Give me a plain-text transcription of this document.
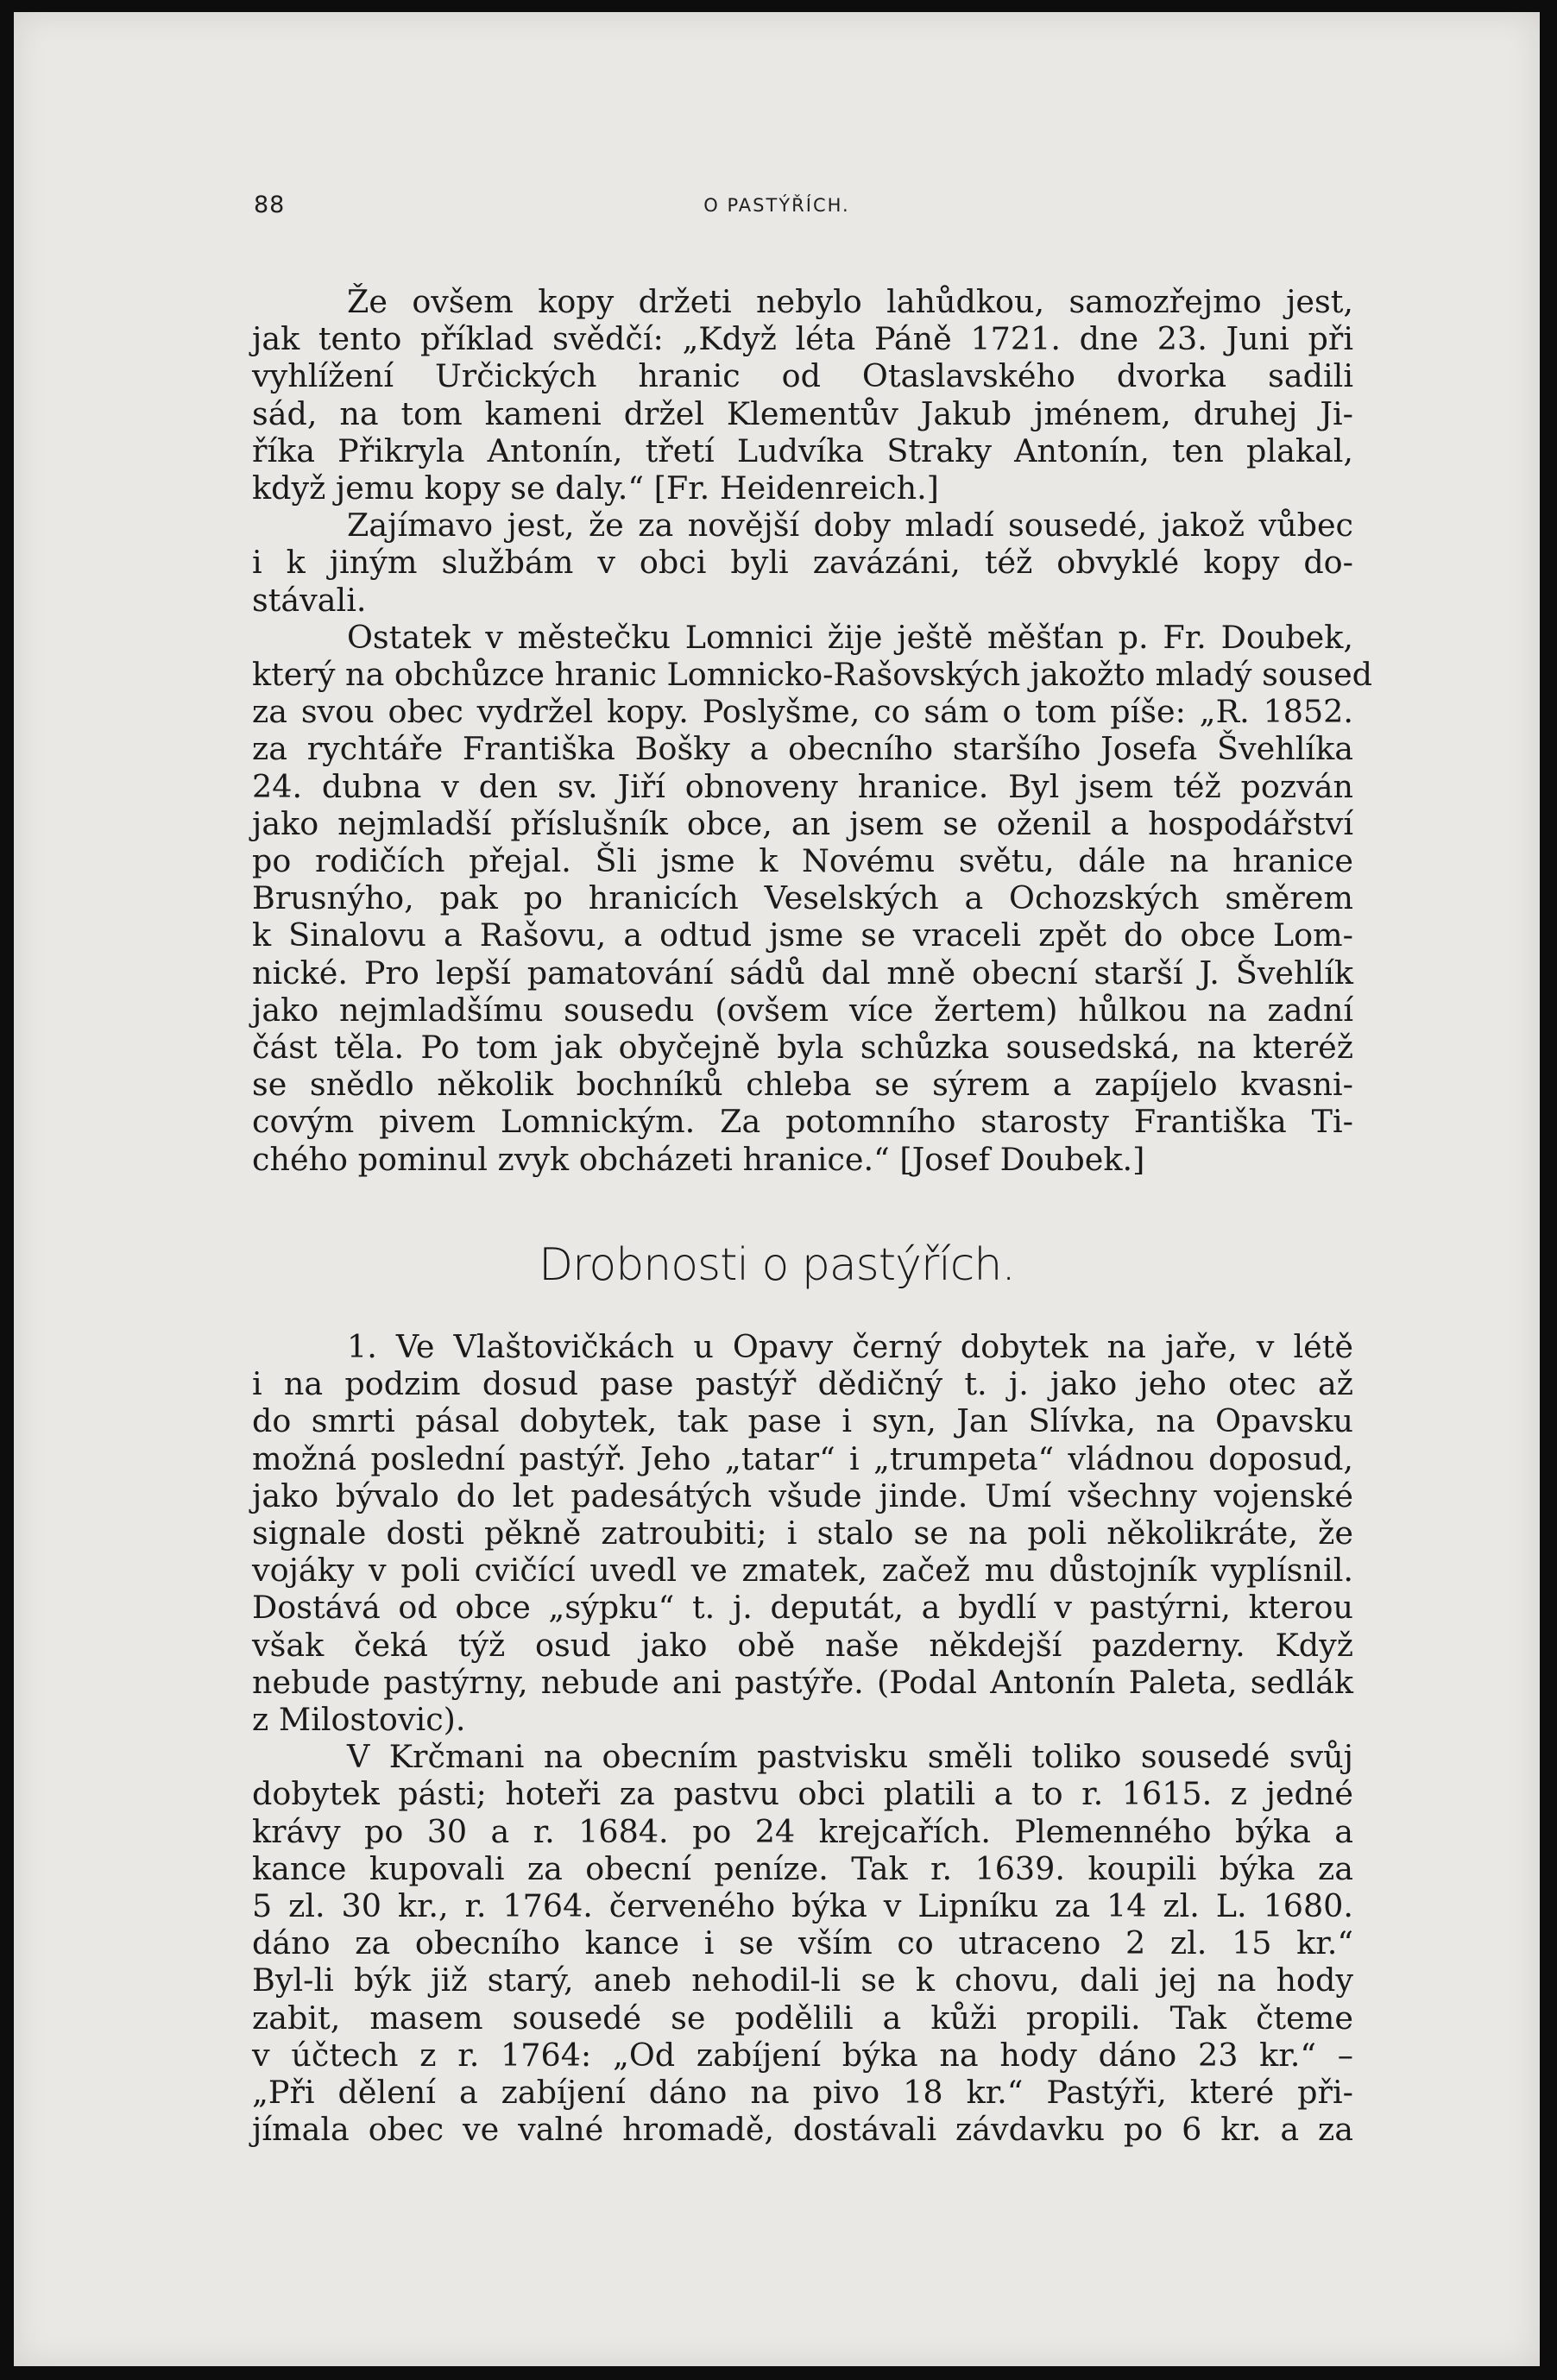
88	O PASTÝŘÍCH.
Že ovšem kopy držeti nebylo lahůdkou, samozřejmo jest,
jak tento příklad svědčí: „Když léta Páně 1721. dne 23. Juni při
vyhlížení Určických hranic od Otaslavského dvorka sadili
sád, na tom kameni držel Klementův Jakub jménem, druhej Ji-
říka Přikryla Antonín, třetí Ludvíka Straky Antonín, ten plakal,
když jemu kopy se daly.“ [Fr. Heidenreich.]
Zajímavo jest, že za novější doby mladí sousedé, jakož vůbec
i k jiným službám v obci byli zavázáni, též obvyklé kopy do-
stávali.
Ostatek v městečku Lomnici žije ještě měšťan p. Fr. Doubek,
který na obchůzce hranic Lomnicko-Rašovských jakožto mladý soused
za svou obec vydržel kopy. Poslyšme, co sám o tom píše: „R. 1852.
za rychtáře Františka Bošky a obecního staršího Josefa Švehlíka
24. dubna v den sv. Jiří obnoveny hranice. Byl jsem též pozván
jako nejmladší příslušník obce, an jsem se oženil a hospodářství
po rodičích přejal. Šli jsme k Novému světu, dále na hranice
Brusnýho, pak po hranicích Veselských a Ochozských směrem
k Sinalovu a Rašovu, a odtud jsme se vraceli zpět do obce Lom-
nické. Pro lepší pamatování sádů dal mně obecní starší J. Švehlík
jako nejmladšímu sousedu (ovšem více žertem) hůlkou na zadní
část těla. Po tom jak obyčejně byla schůzka sousedská, na kteréž
se snědlo několik bochníků chleba se sýrem a zapíjelo kvasni-
covým pivem Lomnickým. Za potomního starosty Františka Ti-
chého pominul zvyk obcházeti hranice.“ [Josef Doubek.]
Drobnosti o pastýřích.
1. Ve Vlaštovičkách u Opavy černý dobytek na jaře, v létě
i na podzim dosud pase pastýř dědičný t. j. jako jeho otec až
do smrti pásal dobytek, tak pase i syn, Jan Slívka, na Opavsku
možná poslední pastýř. Jeho „tatar“ i „trumpeta“ vládnou doposud,
jako bývalo do let padesátých všude jinde. Umí všechny vojenské
signale dosti pěkně zatroubiti; i stalo se na poli několikráte, že
vojáky v poli cvičící uvedl ve zmatek, začež mu důstojník vyplísnil.
Dostává od obce „sýpku“ t. j. deputát, a bydlí v pastýrni, kterou
však čeká týž osud jako obě naše někdejší pazderny. Když
nebude pastýrny, nebude ani pastýře. (Podal Antonín Paleta, sedlák
z Milostovic).
V Krčmani na obecním pastvisku směli toliko sousedé svůj
dobytek pásti; hoteři za pastvu obci platili a to r. 1615. z jedné
krávy po 30 a r. 1684. po 24 krejcařích. Plemenného býka a
kance kupovali za obecní peníze. Tak r. 1639. koupili býka za
5 zl. 30 kr., r. 1764. červeného býka v Lipníku za 14 zl. L. 1680.
dáno za obecního kance i se vším co utraceno 2 zl. 15 kr.“
Byl-li býk již starý, aneb nehodil-li se k chovu, dali jej na hody
zabit, masem sousedé se podělili a kůži propili. Tak čteme
v účtech z r. 1764: „Od zabíjení býka na hody dáno 23 kr.“ –
„Při dělení a zabíjení dáno na pivo 18 kr.“ Pastýři, které při-
jímala obec ve valné hromadě, dostávali závdavku po 6 kr. a za
